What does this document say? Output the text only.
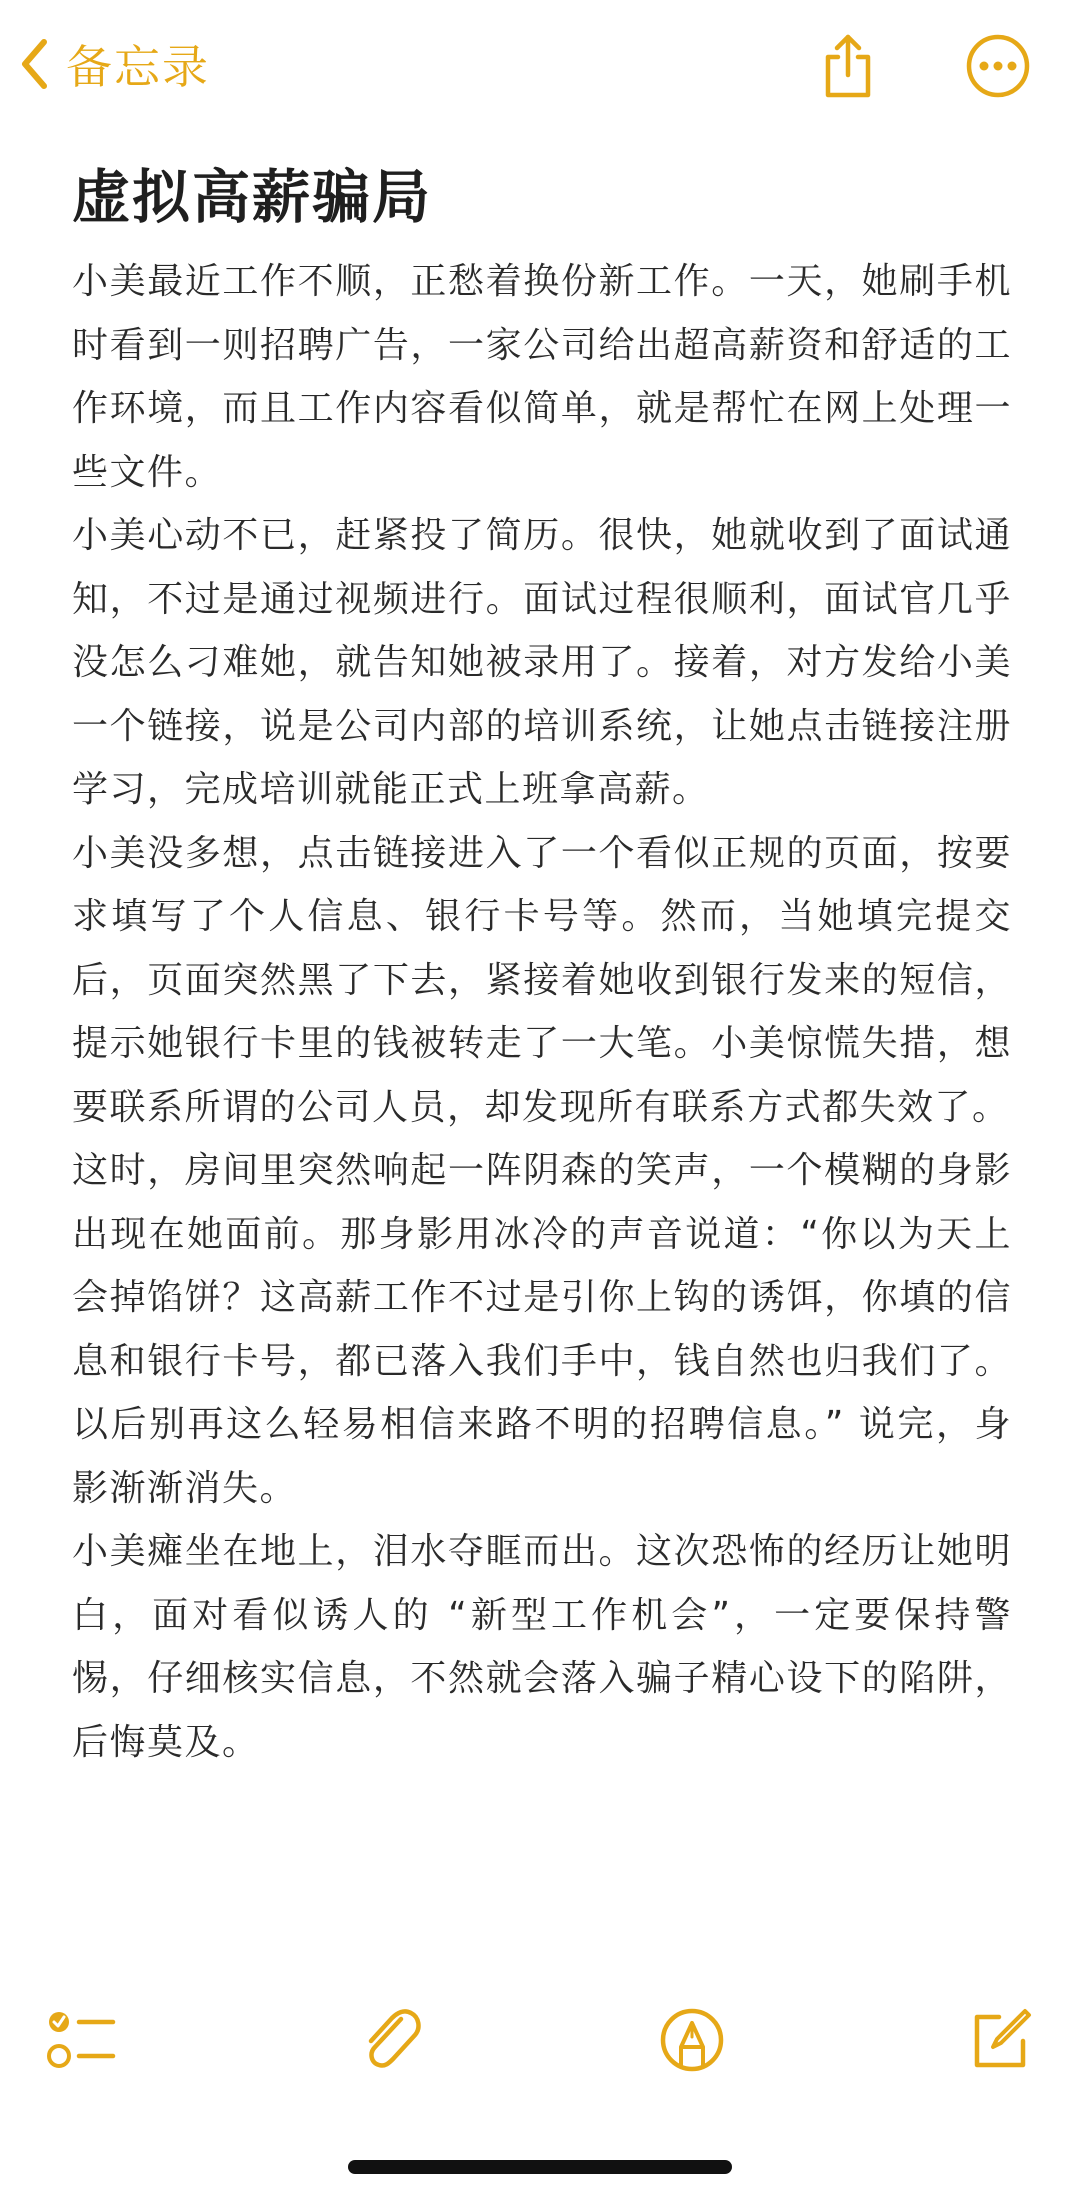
备忘录
虚拟高薪骗局

小美最近工作不顺，正愁着换份新工作。一天，她刷手机时看到一则招聘广告，一家公司给出超高薪资和舒适的工作环境，而且工作内容看似简单，就是帮忙在网上处理一些文件。

小美心动不已，赶紧投了简历。很快，她就收到了面试通知，不过是通过视频进行。面试过程很顺利，面试官几乎没怎么刁难她，就告知她被录用了。接着，对方发给小美一个链接，说是公司内部的培训系统，让她点击链接注册学习，完成培训就能正式上班拿高薪。

小美没多想，点击链接进入了一个看似正规的页面，按要求填写了个人信息、银行卡号等。然而，当她填完提交后，页面突然黑了下去，紧接着她收到银行发来的短信，提示她银行卡里的钱被转走了一大笔。小美惊慌失措，想要联系所谓的公司人员，却发现所有联系方式都失效了。

这时，房间里突然响起一阵阴森的笑声，一个模糊的身影出现在她面前。那身影用冰冷的声音说道：“你以为天上会掉馅饼？这高薪工作不过是引你上钩的诱饵，你填的信息和银行卡号，都已落入我们手中，钱自然也归我们了。以后别再这么轻易相信来路不明的招聘信息。” 说完，身影渐渐消失。

小美瘫坐在地上，泪水夺眶而出。这次恐怖的经历让她明白，面对看似诱人的 “新型工作机会”，一定要保持警惕，仔细核实信息，不然就会落入骗子精心设下的陷阱，后悔莫及。
